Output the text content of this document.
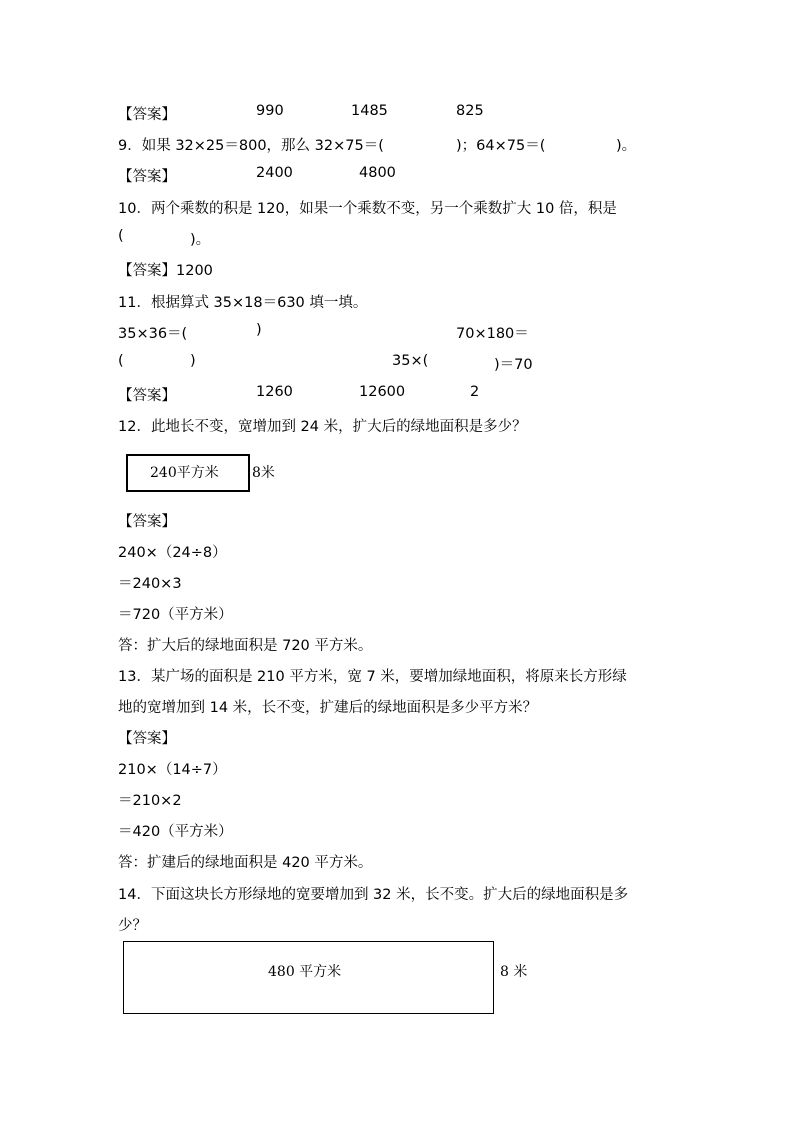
【答案】	990	1485	825
9．如果 32×25＝800，那么 32×75＝(	)；64×75＝(	)。
【答案】	2400	4800
10．两个乘数的积是 120，如果一个乘数不变，另一个乘数扩大 10 倍，积是
(	)。
【答案】1200
11．根据算式 35×18＝630 填一填。
35×36＝(	)	70×180＝
(	)	35×(	)＝70
【答案】	1260	12600	2
12．此地长不变，宽增加到 24 米，扩大后的绿地面积是多少？
240平方米 8米
【答案】
240×（24÷8）
＝240×3
＝720（平方米）
答：扩大后的绿地面积是 720 平方米。
13．某广场的面积是 210 平方米，宽 7 米，要增加绿地面积，将原来长方形绿
地的宽增加到 14 米，长不变，扩建后的绿地面积是多少平方米？
【答案】
210×（14÷7）
＝210×2
＝420（平方米）
答：扩建后的绿地面积是 420 平方米。
14．下面这块长方形绿地的宽要增加到 32 米，长不变。扩大后的绿地面积是多
少？
480 平方米	8 米
